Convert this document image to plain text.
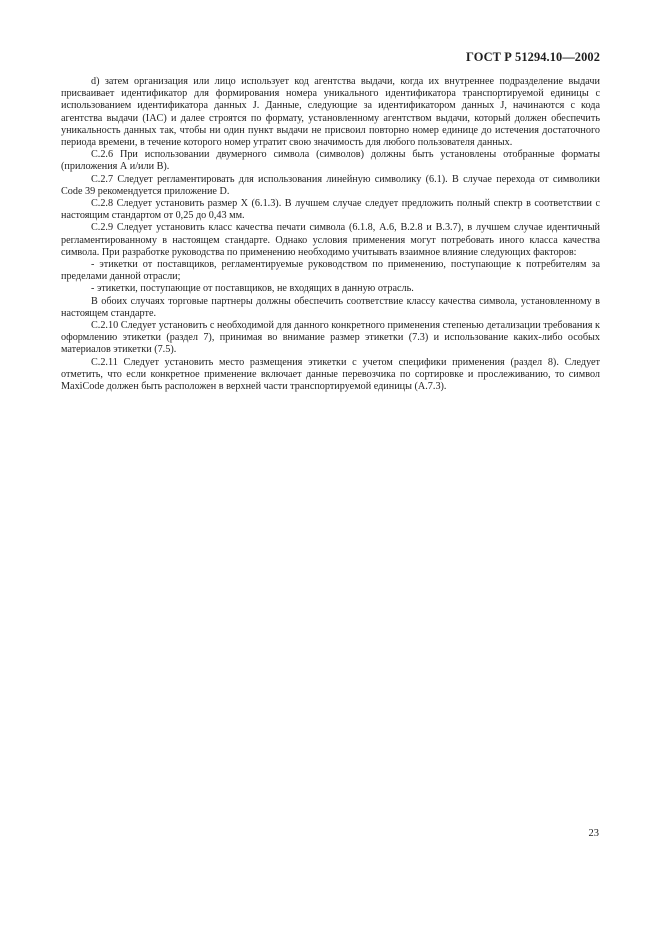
ГОСТ Р 51294.10—2002

d) затем организация или лицо использует код агентства выдачи, когда их внутреннее подразделение выдачи присваивает идентификатор для формирования номера уникального идентификатора транспортируемой единицы с использованием идентификатора данных J. Данные, следующие за идентификатором данных J, начинаются с кода агентства выдачи (IAC) и далее строятся по формату, установленному агентством выдачи, который должен обеспечить уникальность данных так, чтобы ни один пункт выдачи не присвоил повторно номер единице до истечения достаточного периода времени, в течение которого номер утратит свою значимость для любого пользователя данных.

C.2.6 При использовании двумерного символа (символов) должны быть установлены отобранные форматы (приложения А и/или В).

C.2.7 Следует регламентировать для использования линейную символику (6.1). В случае перехода от символики Code 39 рекомендуется приложение D.

C.2.8 Следует установить размер X (6.1.3). В лучшем случае следует предложить полный спектр в соответствии с настоящим стандартом от 0,25 до 0,43 мм.

C.2.9 Следует установить класс качества печати символа (6.1.8, А.6, В.2.8 и В.3.7), в лучшем случае идентичный регламентированному в настоящем стандарте. Однако условия применения могут потребовать иного класса качества символа. При разработке руководства по применению необходимо учитывать взаимное влияние следующих факторов:

- этикетки от поставщиков, регламентируемые руководством по применению, поступающие к потребителям за пределами данной отрасли;

- этикетки, поступающие от поставщиков, не входящих в данную отрасль.

В обоих случаях торговые партнеры должны обеспечить соответствие классу качества символа, установленному в настоящем стандарте.

C.2.10 Следует установить с необходимой для данного конкретного применения степенью детализации требования к оформлению этикетки (раздел 7), принимая во внимание размер этикетки (7.3) и использование каких-либо особых материалов этикетки (7.5).

C.2.11 Следует установить место размещения этикетки с учетом специфики применения (раздел 8). Следует отметить, что если конкретное применение включает данные перевозчика по сортировке и прослеживанию, то символ MaxiCode должен быть расположен в верхней части транспортируемой единицы (А.7.3).

23
